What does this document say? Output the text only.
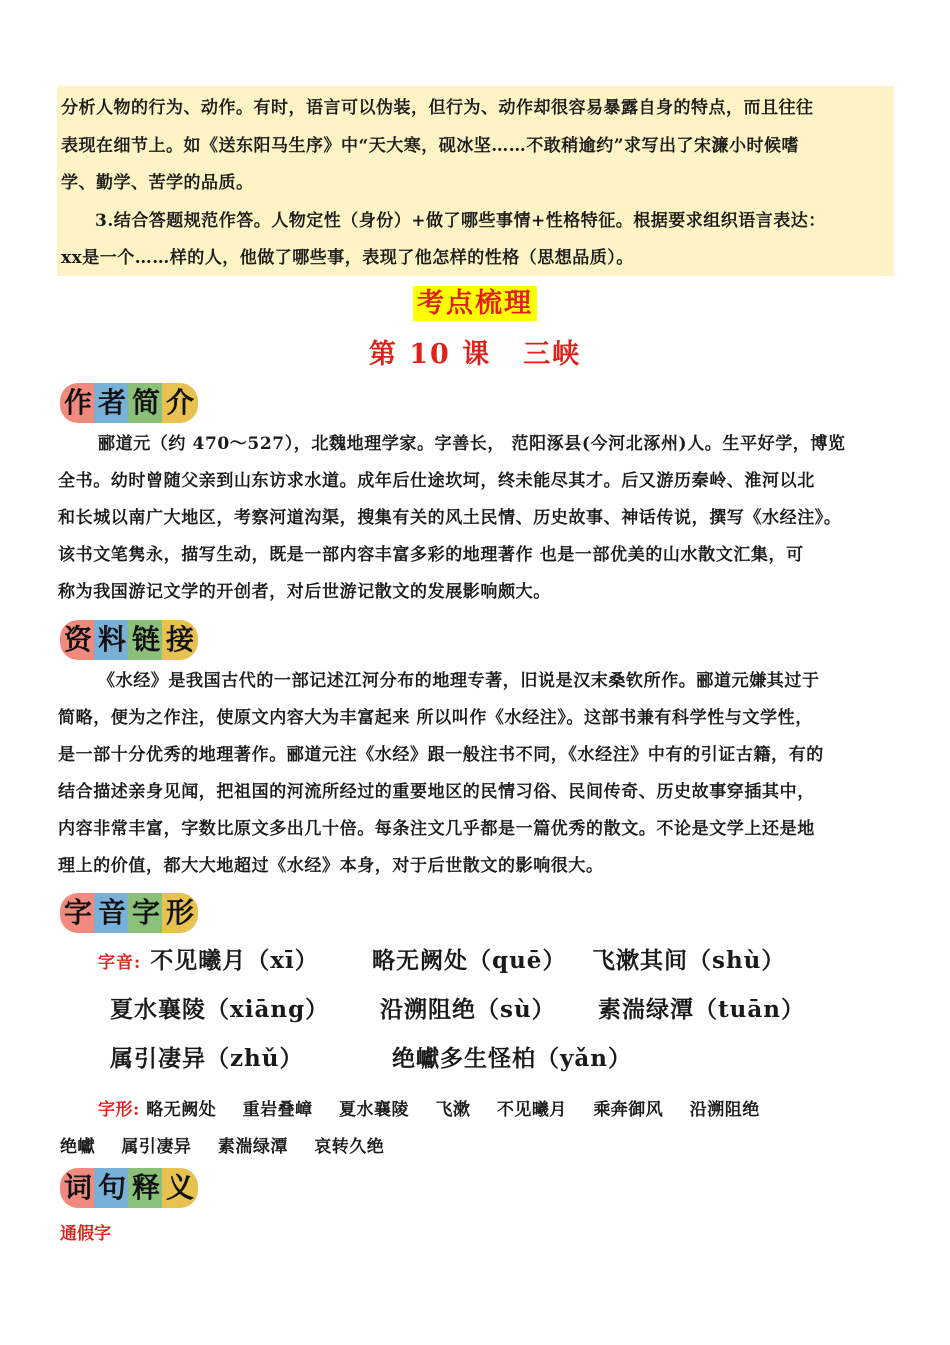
分析人物的行为、动作。有时，语言可以伪装，但行为、动作却很容易暴露自身的特点，而且往往

表现在细节上。如《送东阳马生序》中“天大寒，砚冰坚……不敢稍逾约”求写出了宋濂小时候嗜

学、勤学、苦学的品质。

3.结合答题规范作答。人物定性（身份）+做了哪些事情+性格特征。根据要求组织语言表达：

xx是一个……样的人，他做了哪些事，表现了他怎样的性格（思想品质）。

考点梳理
第 10 课 三峡
作 者 简 介
郦道元（约 470～527），北魏地理学家。字善长， 范阳涿县(今河北涿州)人。生平好学，博览
全书。幼时曾随父亲到山东访求水道。成年后仕途坎坷，终未能尽其才。后又游历秦岭、淮河以北
和长城以南广大地区，考察河道沟渠，搜集有关的风土民情、历史故事、神话传说，撰写《水经注》。
该书文笔隽永，描写生动，既是一部内容丰富多彩的地理著作 也是一部优美的山水散文汇集，可
称为我国游记文学的开创者，对后世游记散文的发展影响颇大。
资 料 链 接
《水经》是我国古代的一部记述江河分布的地理专著，旧说是汉末桑钦所作。郦道元嫌其过于
简略，便为之作注，使原文内容大为丰富起来 所以叫作《水经注》。这部书兼有科学性与文学性，
是一部十分优秀的地理著作。郦道元注《水经》跟一般注书不同，《水经注》中有的引证古籍，有的
结合描述亲身见闻，把祖国的河流所经过的重要地区的民情习俗、民间传奇、历史故事穿插其中，
内容非常丰富，字数比原文多出几十倍。每条注文几乎都是一篇优秀的散文。不论是文学上还是地
理上的价值，都大大地超过《水经》本身，对于后世散文的影响很大。
字 音 字 形
字音: 不见曦月（xī） 略无阙处（quē） 飞漱其间（shù）
夏水襄陵（xiāng） 沿溯阻绝（sù） 素湍绿潭（tuān）
属引凄异（zhǔ）	绝巘多生怪柏（yǎn）
字形: 略无阙处 重岩叠嶂 夏水襄陵 飞漱 不见曦月 乘奔御风 沿溯阻绝
绝巘 属引凄异 素湍绿潭 哀转久绝
词 句 释 义
通假字
